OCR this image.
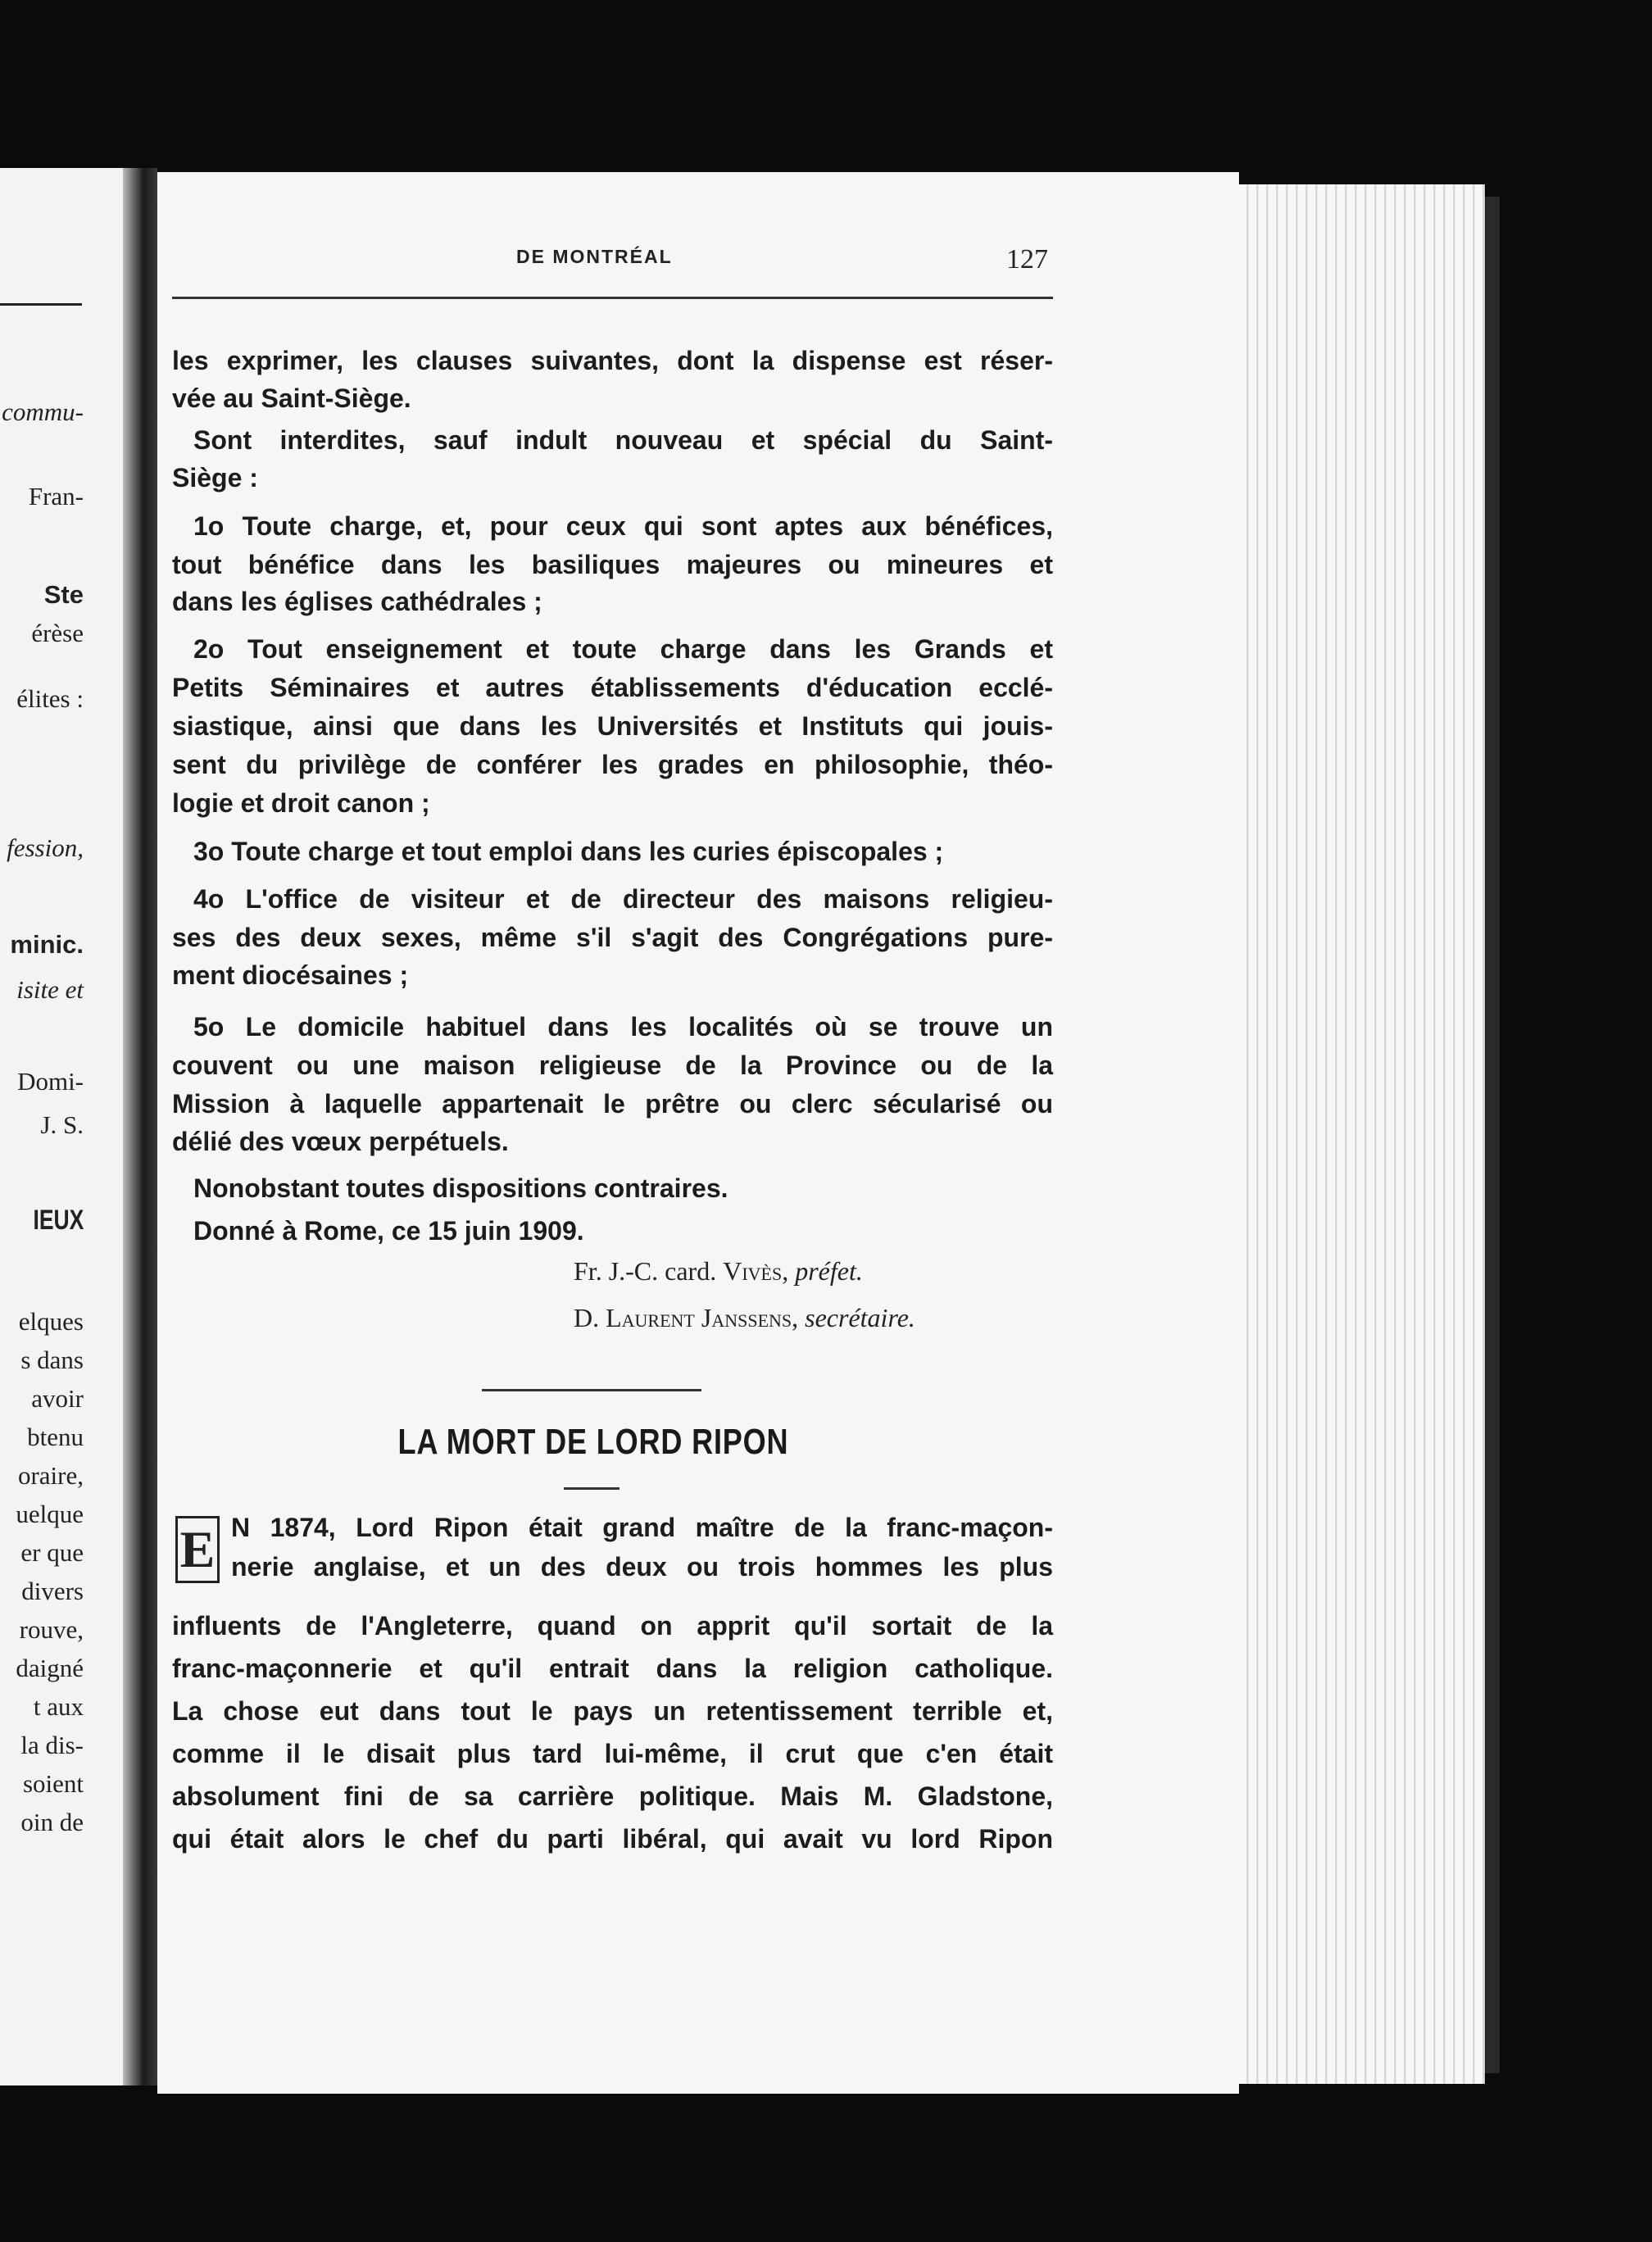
commu-
Fran-
Ste
érèse
élites :
fession,
minic.
isite et
Domi-
J. S.
IEUX
elques
s dans
avoir
btenu
oraire,
uelque
er que
divers
rouve,
daigné
t aux
la dis-
soient
oin de
DE MONTRÉAL	127
les exprimer, les clauses suivantes, dont la dispense est réser-
vée au Saint-Siège.
Sont interdites, sauf indult nouveau et spécial du Saint-
Siège :
1o Toute charge, et, pour ceux qui sont aptes aux bénéfices,
tout bénéfice dans les basiliques majeures ou mineures et
dans les églises cathédrales ;
2o Tout enseignement et toute charge dans les Grands et
Petits Séminaires et autres établissements d'éducation ecclé-
siastique, ainsi que dans les Universités et Instituts qui jouis-
sent du privilège de conférer les grades en philosophie, théo-
logie et droit canon ;
3o Toute charge et tout emploi dans les curies épiscopales ;
4o L'office de visiteur et de directeur des maisons religieu-
ses des deux sexes, même s'il s'agit des Congrégations pure-
ment diocésaines ;
5o Le domicile habituel dans les localités où se trouve un
couvent ou une maison religieuse de la Province ou de la
Mission à laquelle appartenait le prêtre ou clerc sécularisé ou
délié des vœux perpétuels.
Nonobstant toutes dispositions contraires.
Donné à Rome, ce 15 juin 1909.
Fr. J.-C. card. Vivès, préfet.
D. Laurent Janssens, secrétaire.
LA MORT DE LORD RIPON
E N 1874, Lord Ripon était grand maître de la franc-maçon-
nerie anglaise, et un des deux ou trois hommes les plus
influents de l'Angleterre, quand on apprit qu'il sortait de la
franc-maçonnerie et qu'il entrait dans la religion catholique.
La chose eut dans tout le pays un retentissement terrible et,
comme il le disait plus tard lui-même, il crut que c'en était
absolument fini de sa carrière politique. Mais M. Gladstone,
qui était alors le chef du parti libéral, qui avait vu lord Ripon
